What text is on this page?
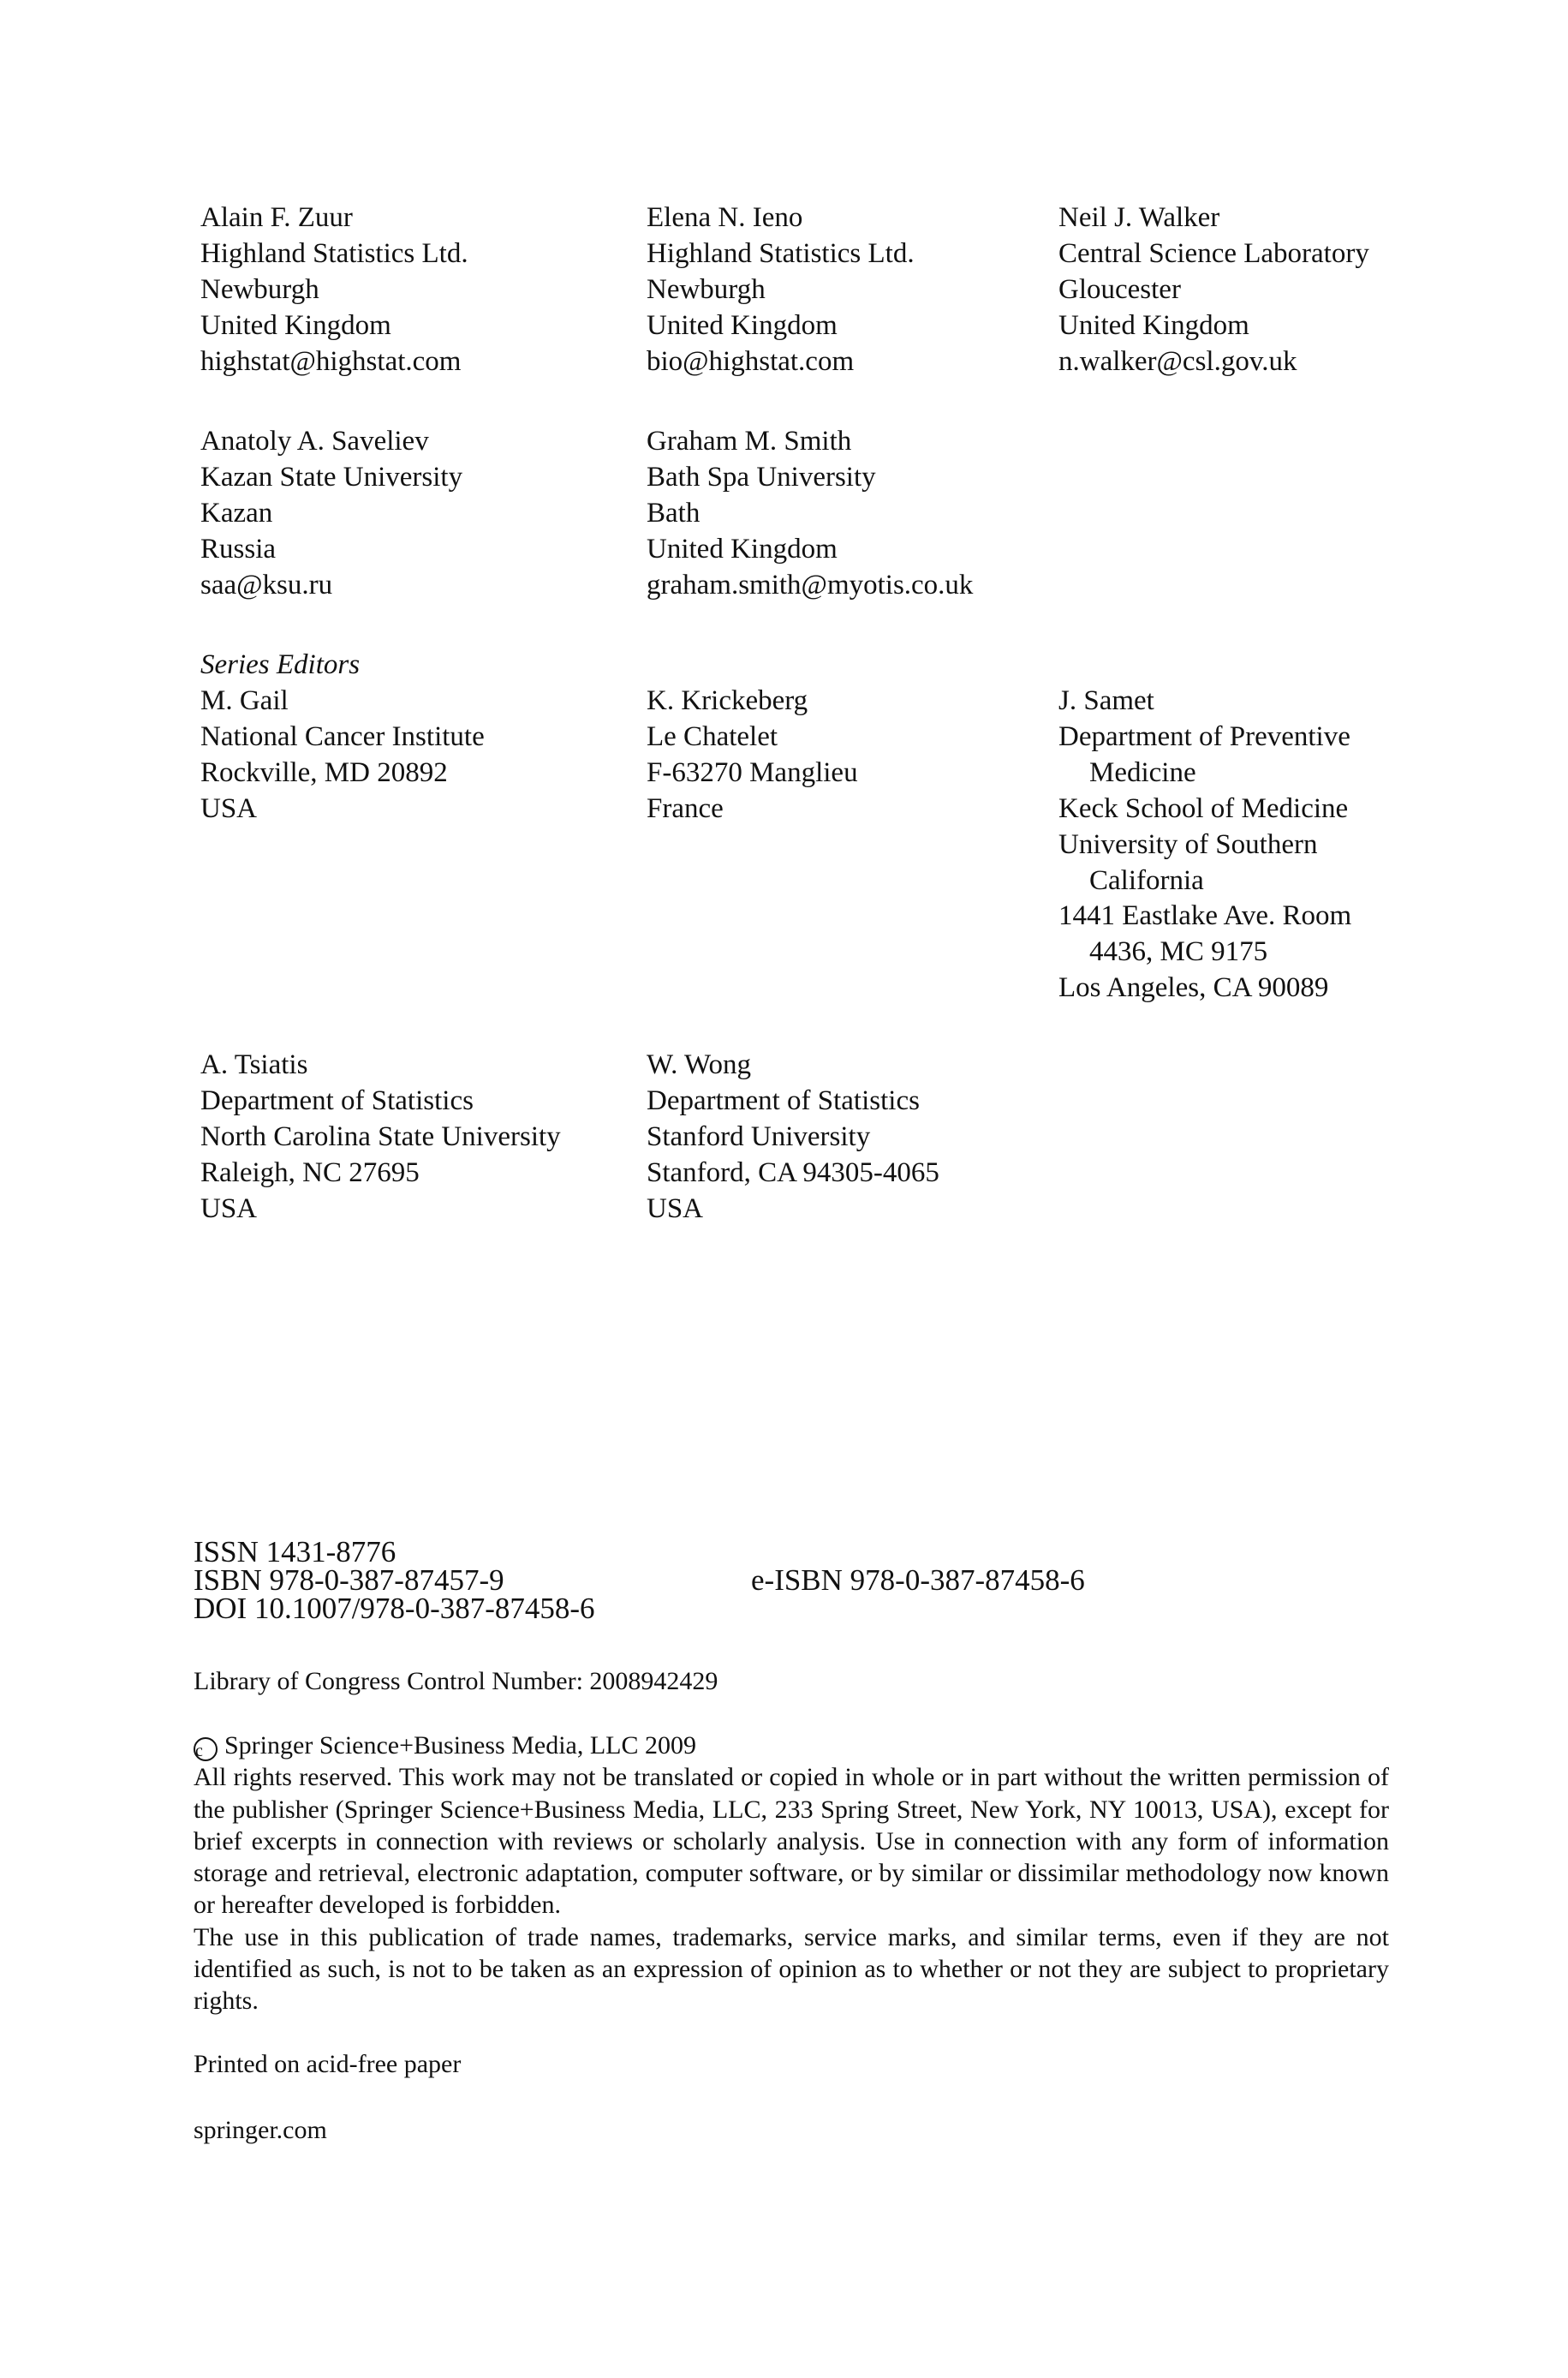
Alain F. Zuur
Highland Statistics Ltd.
Newburgh
United Kingdom
highstat@highstat.com
Elena N. Ieno
Highland Statistics Ltd.
Newburgh
United Kingdom
bio@highstat.com
Neil J. Walker
Central Science Laboratory
Gloucester
United Kingdom
n.walker@csl.gov.uk
Anatoly A. Saveliev
Kazan State University
Kazan
Russia
saa@ksu.ru
Graham M. Smith
Bath Spa University
Bath
United Kingdom
graham.smith@myotis.co.uk
Series Editors
M. Gail
National Cancer Institute
Rockville, MD 20892
USA
K. Krickeberg
Le Chatelet
F-63270 Manglieu
France
J. Samet
Department of Preventive
Medicine
Keck School of Medicine
University of Southern
California
1441 Eastlake Ave. Room
4436, MC 9175
Los Angeles, CA 90089
A. Tsiatis
Department of Statistics
North Carolina State University
Raleigh, NC 27695
USA
W. Wong
Department of Statistics
Stanford University
Stanford, CA 94305-4065
USA
ISSN 1431-8776
ISBN 978-0-387-87457-9
DOI 10.1007/978-0-387-87458-6
e-ISBN 978-0-387-87458-6
Library of Congress Control Number: 2008942429
c Springer Science+Business Media, LLC 2009
All rights reserved. This work may not be translated or copied in whole or in part without the written permission of the publisher (Springer Science+Business Media, LLC, 233 Spring Street, New York, NY 10013, USA), except for brief excerpts in connection with reviews or scholarly analysis. Use in connection with any form of information storage and retrieval, electronic adaptation, computer software, or by similar or dissimilar methodology now known or hereafter developed is forbidden.
The use in this publication of trade names, trademarks, service marks, and similar terms, even if they are not identified as such, is not to be taken as an expression of opinion as to whether or not they are subject to proprietary rights.
Printed on acid-free paper
springer.com
